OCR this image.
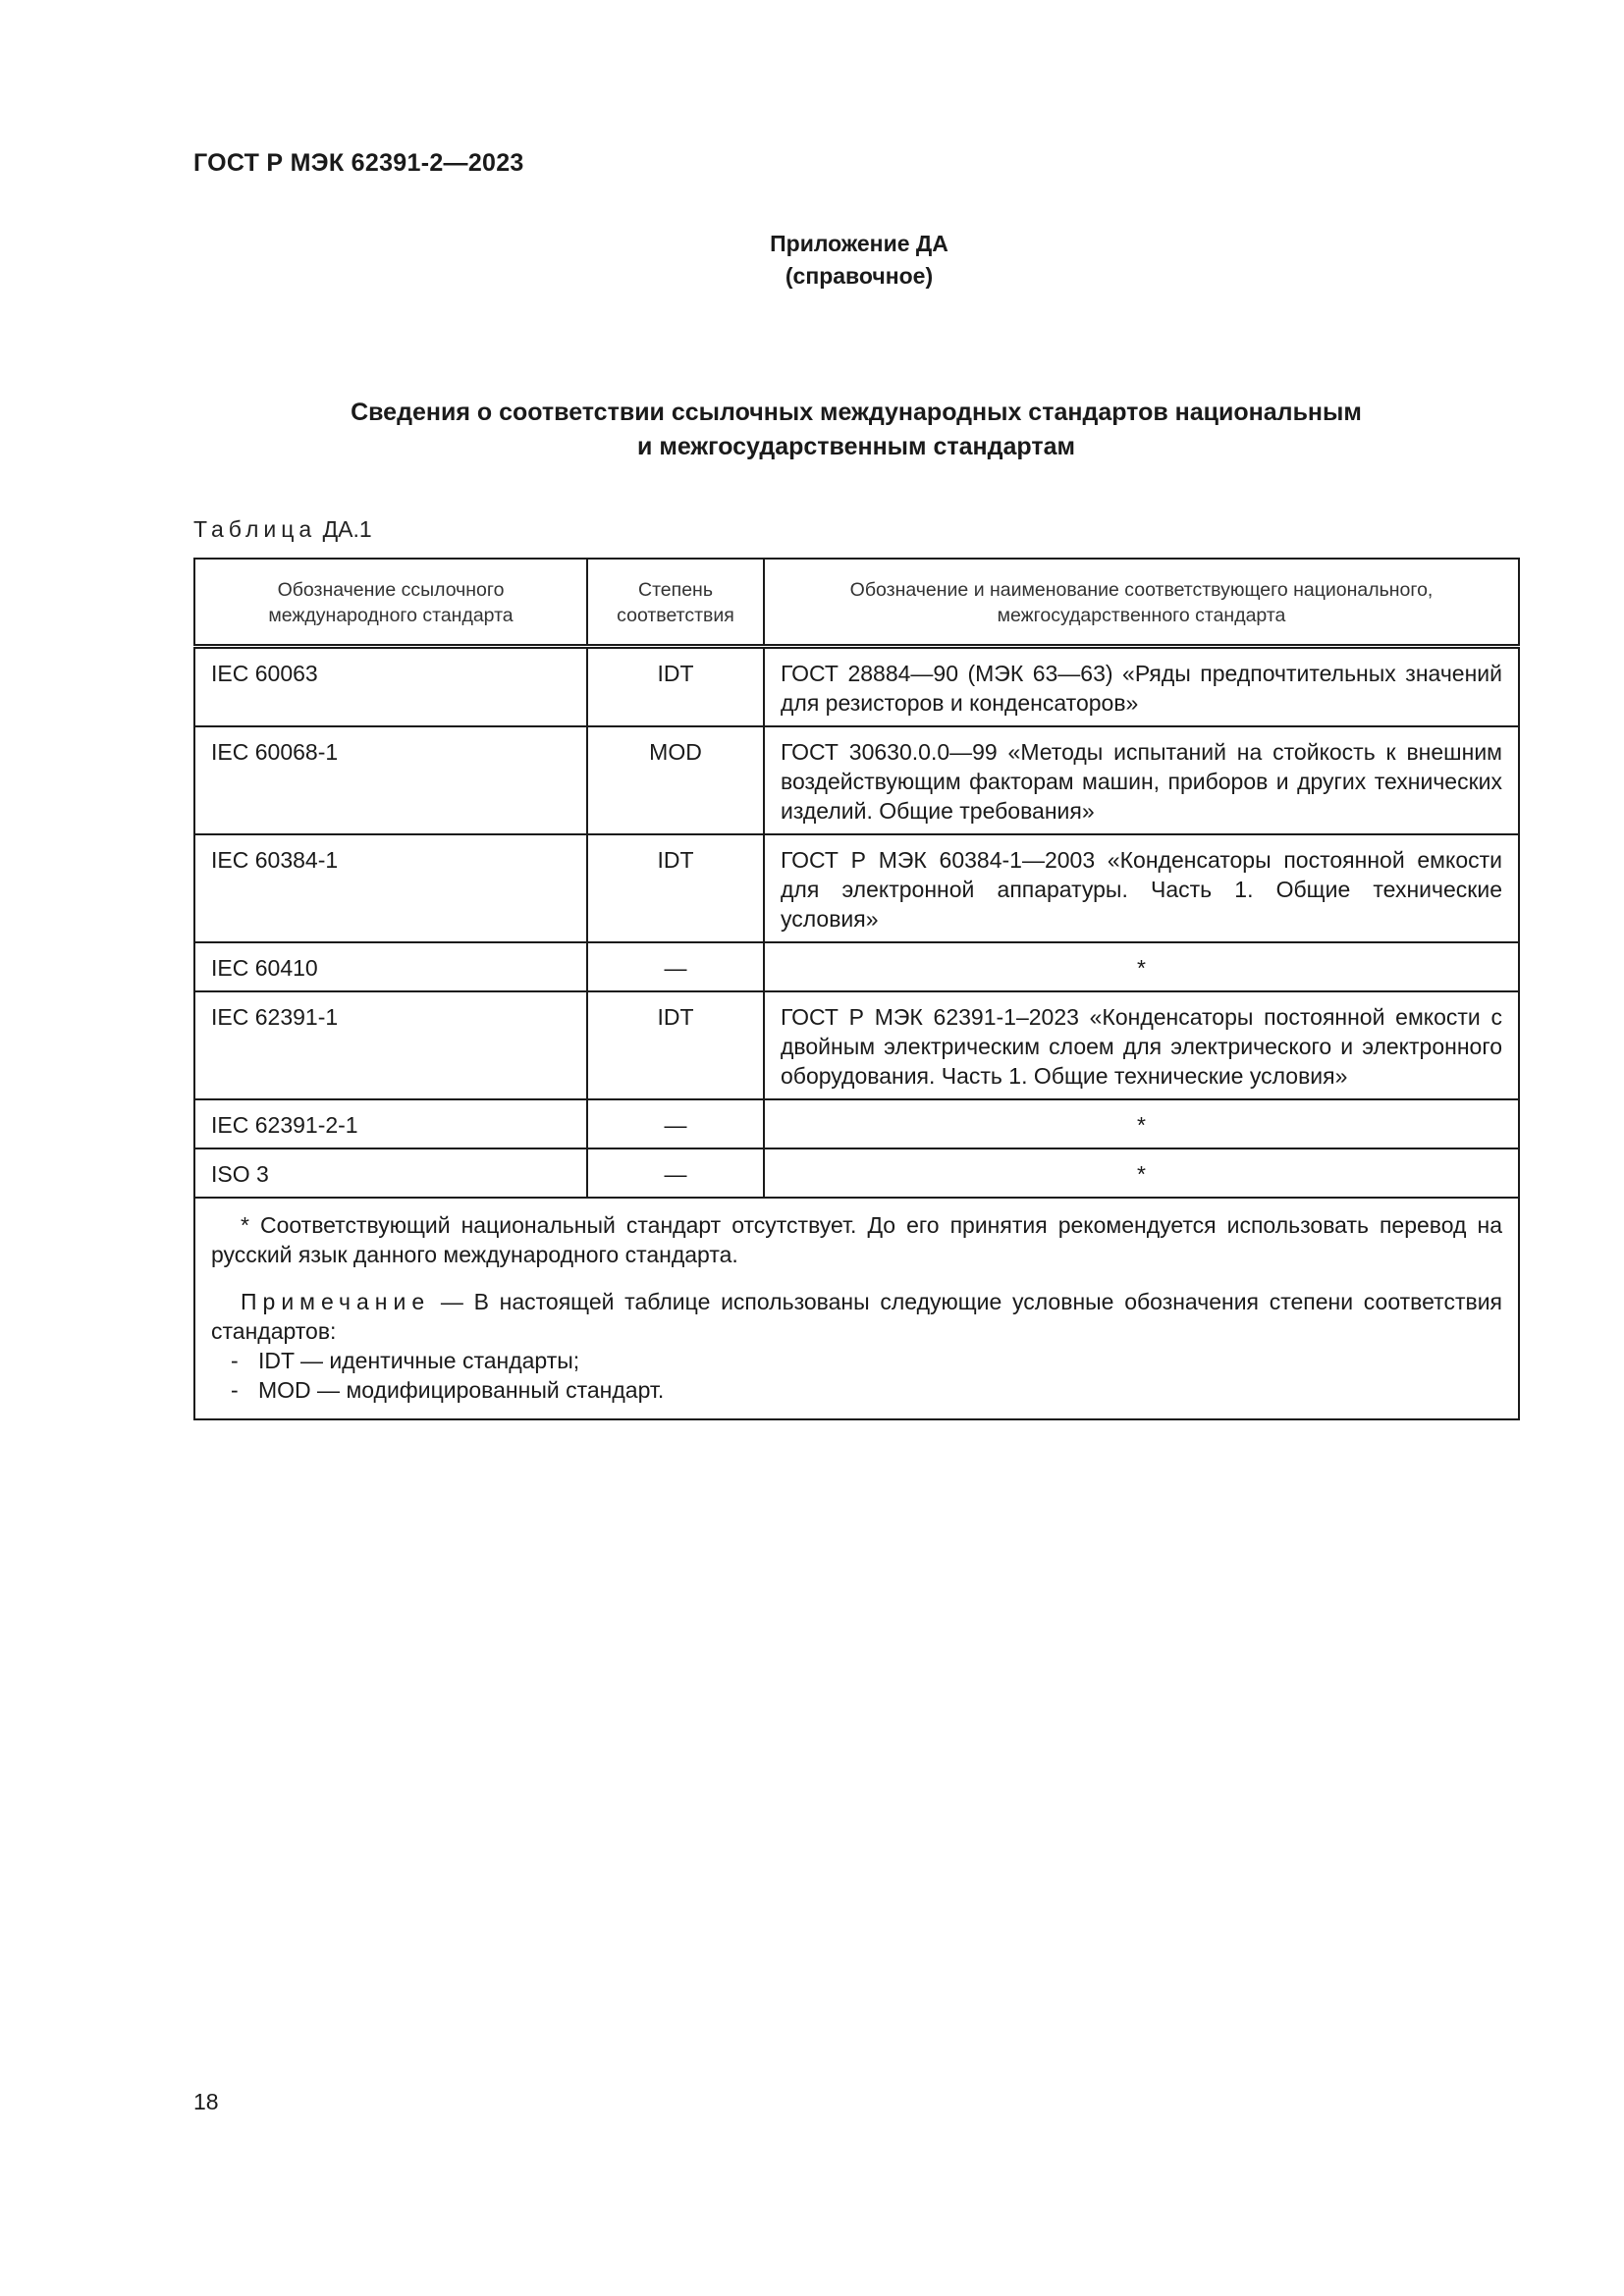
ГОСТ Р МЭК 62391-2—2023
Приложение ДА
(справочное)
Сведения о соответствии ссылочных международных стандартов национальным
и межгосударственным стандартам
Таблица ДА.1
Обозначение ссылочного международного стандарта	Степень соответствия	Обозначение и наименование соответствующего национального, межгосударственного стандарта
IEC 60063	IDT	ГОСТ 28884—90 (МЭК 63—63) «Ряды предпочтительных значений для резисторов и конденсаторов»
IEC 60068-1	MOD	ГОСТ 30630.0.0—99 «Методы испытаний на стойкость к внешним воздействующим факторам машин, приборов и других технических изделий. Общие требования»
IEC 60384-1	IDT	ГОСТ Р МЭК 60384-1—2003 «Конденсаторы постоянной емкости для электронной аппаратуры. Часть 1. Общие технические условия»
IEC 60410	—	*
IEC 62391-1	IDT	ГОСТ Р МЭК 62391-1–2023 «Конденсаторы постоянной емкости с двойным электрическим слоем для электрического и электронного оборудования. Часть 1. Общие технические условия»
IEC 62391-2-1	—	*
ISO 3	—	*

* Соответствующий национальный стандарт отсутствует. До его принятия рекомендуется использовать перевод на русский язык данного международного стандарта.

Примечание — В настоящей таблице использованы следующие условные обозначения степени соответствия стандартов:

- IDT — идентичные стандарты;
- MOD — модифицированный стандарт.
18
